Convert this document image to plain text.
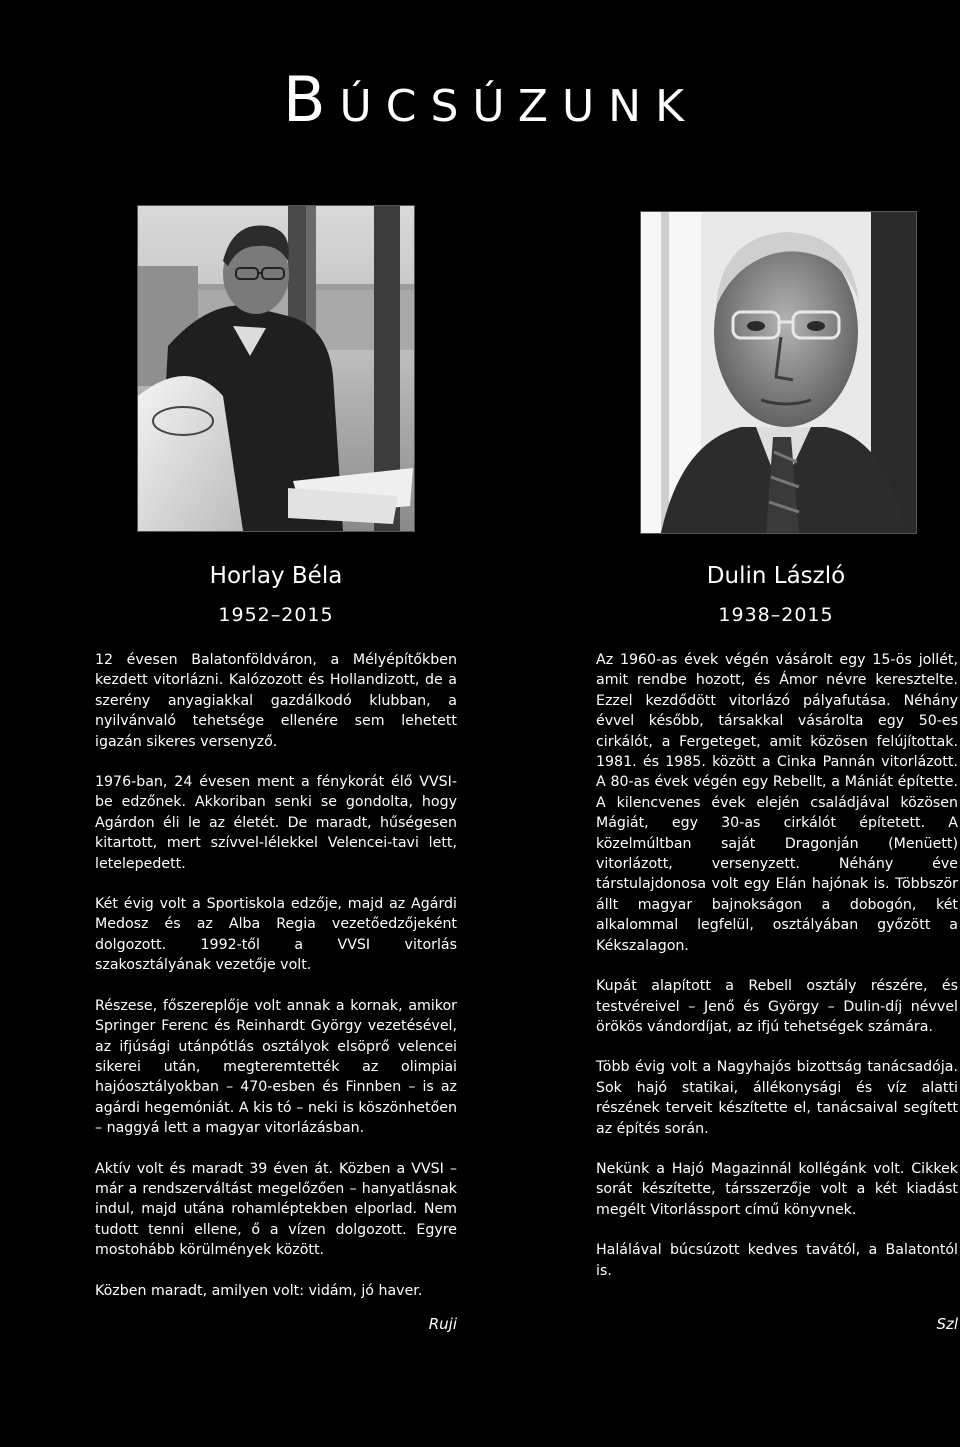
BÚCSÚZUNK
Horlay Béla
1952–2015
Dulin László
1938–2015

12 évesen Balatonföldváron, a Mélyépítőkben kezdett vitorlázni. Kalózozott és Hollandizott, de a szerény anyagiakkal gazdálkodó klubban, a nyilvánvaló tehetsége ellenére sem lehetett igazán sikeres versenyző.

1976-ban, 24 évesen ment a fénykorát élő VVSI-be edzőnek. Akkoriban senki se gondolta, hogy Agárdon éli le az életét. De maradt, hűségesen kitartott, mert szívvel-lélekkel Velencei-tavi lett, letelepedett.

Két évig volt a Sportiskola edzője, majd az Agárdi Medosz és az Alba Regia vezetőedzőjeként dolgozott. 1992-től a VVSI vitorlás szakosztályának vezetője volt.

Részese, főszereplője volt annak a kornak, amikor Springer Ferenc és Reinhardt György vezetésével, az ifjúsági utánpótlás osztályok elsöprő velencei sikerei után, megteremtették az olimpiai hajóosztályokban – 470-esben és Finnben – is az agárdi hegemóniát. A kis tó – neki is köszönhetően – naggyá lett a magyar vitorlázásban.

Aktív volt és maradt 39 éven át. Közben a VVSI – már a rendszerváltást megelőzően – hanyatlásnak indul, majd utána rohamléptekben elporlad. Nem tudott tenni ellene, ő a vízen dolgozott. Egyre mostohább körülmények között.

Közben maradt, amilyen volt: vidám, jó haver.

Az 1960-as évek végén vásárolt egy 15-ös jollét, amit rendbe hozott, és Ámor névre keresztelte. Ezzel kezdődött vitorlázó pályafutása. Néhány évvel később, társakkal vásárolta egy 50-es cirkálót, a Fergeteget, amit közösen felújítottak. 1981. és 1985. között a Cinka Pannán vitorlázott. A 80-as évek végén egy Rebellt, a Mániát építette. A kilencvenes évek elején családjával közösen Mágiát, egy 30-as cirkálót építetett. A közelmúltban saját Dragonján (Menüett) vitorlázott, versenyzett. Néhány éve társtulajdonosa volt egy Elán hajónak is. Többször állt magyar bajnokságon a dobogón, két alkalommal legfelül, osztályában győzött a Kékszalagon.

Kupát alapított a Rebell osztály részére, és testvéreivel – Jenő és György – Dulin-díj névvel örökös vándordíjat, az ifjú tehetségek számára.

Több évig volt a Nagyhajós bizottság tanácsadója. Sok hajó statikai, állékonysági és víz alatti részének terveit készítette el, tanácsaival segített az építés során.

Nekünk a Hajó Magazinnál kollégánk volt. Cikkek sorát készítette, társszerzője volt a két kiadást megélt Vitorlássport című könyvnek.

Halálával búcsúzott kedves tavától, a Balatontól is.

Ruji	Szl
